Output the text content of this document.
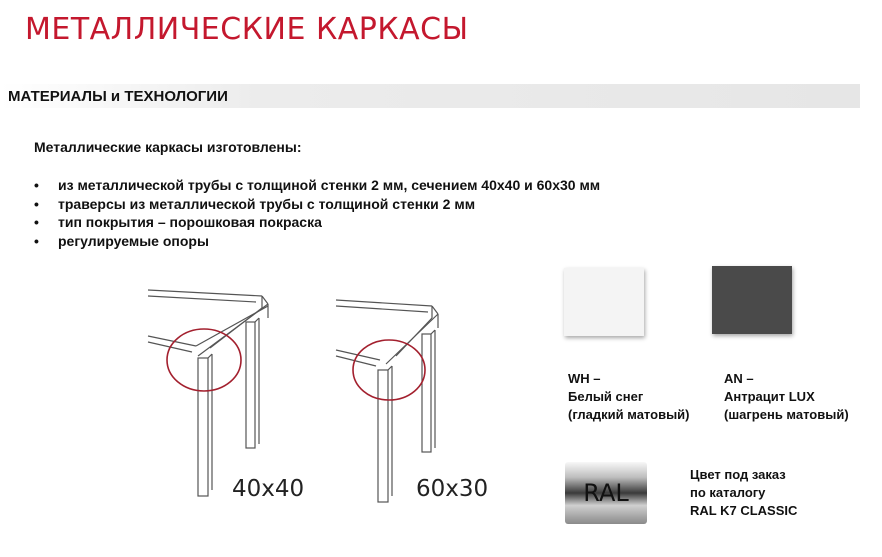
МЕТАЛЛИЧЕСКИЕ КАРКАСЫ
МАТЕРИАЛЫ и ТЕХНОЛОГИИ
Металлические каркасы изготовлены:
• из металлической трубы с толщиной стенки 2 мм, сечением 40х40 и 60х30 мм
• траверсы из металлической трубы с толщиной стенки 2 мм
• тип покрытия – порошковая покраска
• регулируемые опоры
40x40	60x30
WH –
Белый снег
(гладкий матовый)
AN –
Антрацит LUX
(шагрень матовый)
RAL
Цвет под заказ
по каталогу
RAL K7 CLASSIC
